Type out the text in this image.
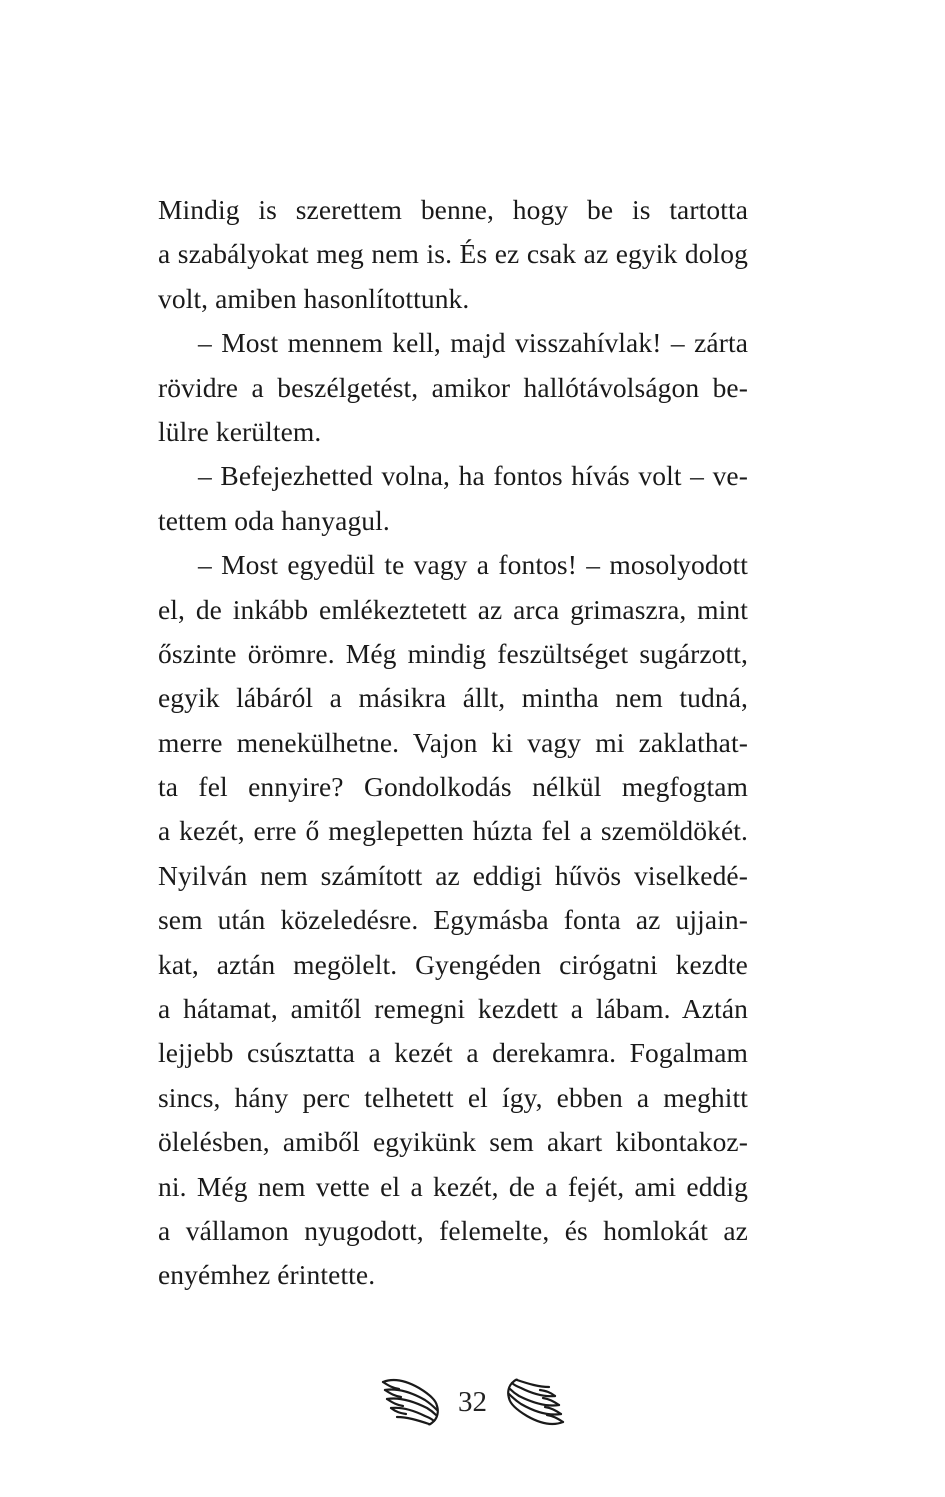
Mindig is szerettem benne, hogy be is tartotta
a szabályokat meg nem is. És ez csak az egyik dolog
volt, amiben hasonlítottunk.
– Most mennem kell, majd visszahívlak! – zárta
rövidre a beszélgetést, amikor hallótávolságon be-
lülre kerültem.
– Befejezhetted volna, ha fontos hívás volt – ve-
tettem oda hanyagul.
– Most egyedül te vagy a fontos! – mosolyodott
el, de inkább emlékeztetett az arca grimaszra, mint
őszinte örömre. Még mindig feszültséget sugárzott,
egyik lábáról a másikra állt, mintha nem tudná,
merre menekülhetne. Vajon ki vagy mi zaklathat-
ta fel ennyire? Gondolkodás nélkül megfogtam
a kezét, erre ő meglepetten húzta fel a szemöldökét.
Nyilván nem számított az eddigi hűvös viselkedé-
sem után közeledésre. Egymásba fonta az ujjain-
kat, aztán megölelt. Gyengéden cirógatni kezdte
a hátamat, amitől remegni kezdett a lábam. Aztán
lejjebb csúsztatta a kezét a derekamra. Fogalmam
sincs, hány perc telhetett el így, ebben a meghitt
ölelésben, amiből egyikünk sem akart kibontakoz-
ni. Még nem vette el a kezét, de a fejét, ami eddig
a vállamon nyugodott, felemelte, és homlokát az
enyémhez érintette.
32
